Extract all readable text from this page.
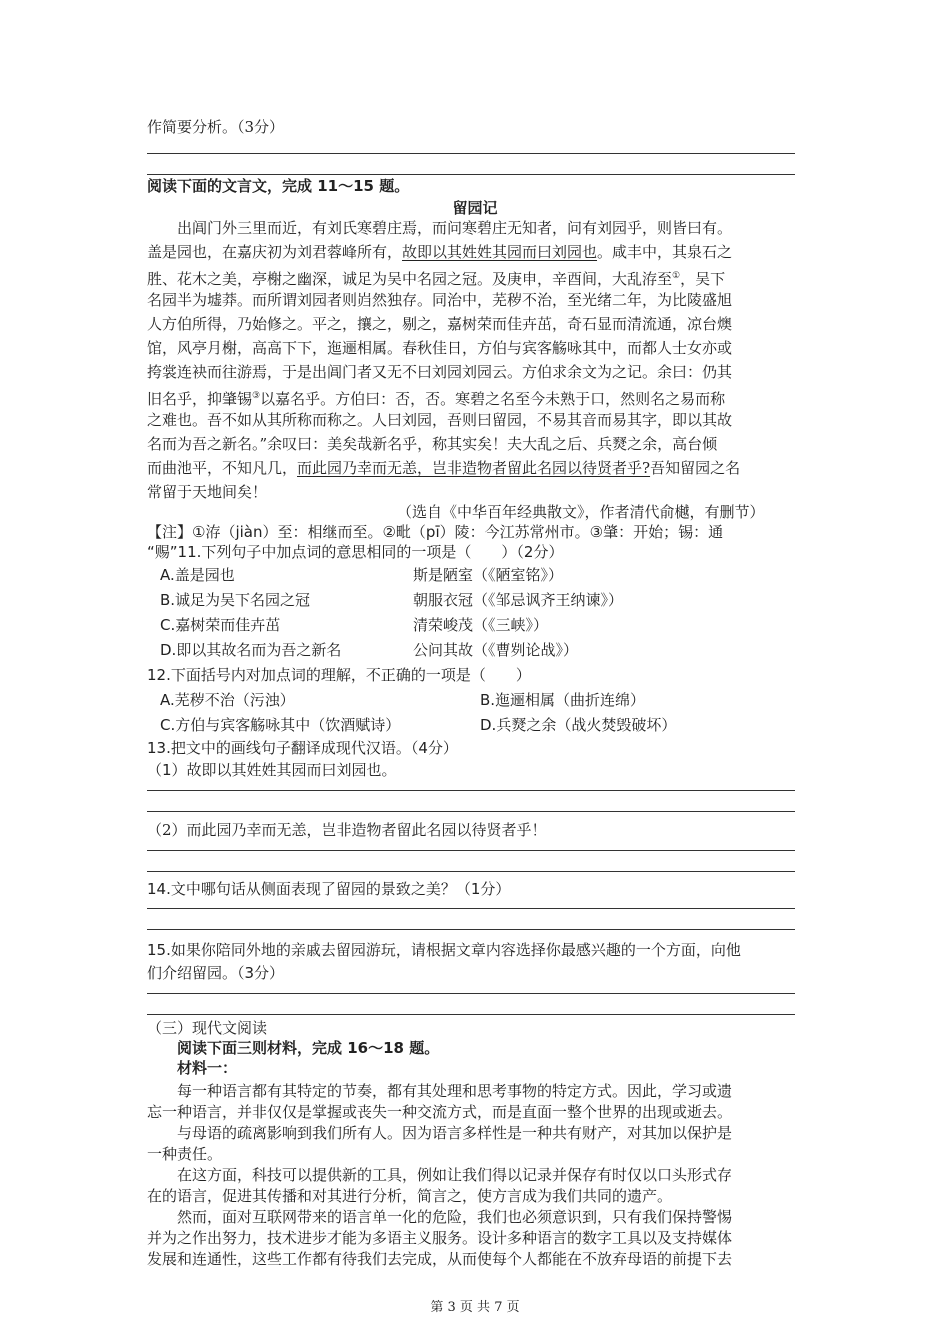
作简要分析。（3分）
阅读下面的文言文，完成 11～15 题。
留园记
出阊门外三里而近，有刘氏寒碧庄焉，而问寒碧庄无知者，问有刘园乎，则皆曰有。
盖是园也，在嘉庆初为刘君蓉峰所有，故即以其姓姓其园而曰刘园也。咸丰中，其泉石之
胜、花木之美，亭榭之幽深，诚足为吴中名园之冠。及庚申，辛酉间，大乱洊至①，吴下
名园半为墟莽。而所谓刘园者则岿然独存。同治中，芜秽不治，至光绪二年，为比陵盛旭
人方伯所得，乃始修之。平之，攘之，剔之，嘉树荣而佳卉茁，奇石显而清流通，凉台燠
馆，风亭月榭，高高下下，迤逦相属。春秋佳日，方伯与宾客觞咏其中，而都人士女亦或
挎裳连袂而往游焉，于是出阊门者又无不曰刘园刘园云。方伯求余文为之记。余曰：仍其
旧名乎，抑肇锡③以嘉名乎。方伯曰：否，否。寒碧之名至今未熟于口，然则名之易而称
之难也。吾不如从其所称而称之。人曰刘园，吾则曰留园，不易其音而易其字，即以其故
名而为吾之新名。”余叹曰：美矣哉新名乎，称其实矣！夫大乱之后、兵燹之余，高台倾
而曲池平，不知凡几，而此园乃幸而无恙，岂非造物者留此名园以待贤者乎?吾知留园之名
常留于天地间矣！
（选自《中华百年经典散文》，作者清代俞樾，有删节）
【注】①洊（jiàn）至：相继而至。②毗（pī）陵：今江苏常州市。③肇：开始；锡：通
“赐”11.下列句子中加点词的意思相同的一项是（　　）（2分）
A.盖是园也	斯是陋室（《陋室铭》）
B.诚足为吴下名园之冠	朝服衣冠（《邹忌讽齐王纳谏》）
C.嘉树荣而佳卉茁	清荣峻茂（《三峡》）
D.即以其故名而为吾之新名	公问其故（《曹刿论战》）
12.下面括号内对加点词的理解，不正确的一项是（　　）
A.芜秽不治（污浊）	B.迤逦相属（曲折连绵）
C.方伯与宾客觞咏其中（饮酒赋诗）	D.兵燹之余（战火焚毁破坏）
13.把文中的画线句子翻译成现代汉语。（4分）
（1）故即以其姓姓其园而曰刘园也。
（2）而此园乃幸而无恙，岂非造物者留此名园以待贤者乎！
14.文中哪句话从侧面表现了留园的景致之美？（1分）
15.如果你陪同外地的亲戚去留园游玩，请根据文章内容选择你最感兴趣的一个方面，向他
们介绍留园。（3分）
（三）现代文阅读
阅读下面三则材料，完成 16～18 题。
材料一：
每一种语言都有其特定的节奏，都有其处理和思考事物的特定方式。因此，学习或遗
忘一种语言，并非仅仅是掌握或丧失一种交流方式，而是直面一整个世界的出现或逝去。
与母语的疏离影响到我们所有人。因为语言多样性是一种共有财产，对其加以保护是
一种责任。
在这方面，科技可以提供新的工具，例如让我们得以记录并保存有时仅以口头形式存
在的语言，促进其传播和对其进行分析，简言之，使方言成为我们共同的遗产。
然而，面对互联网带来的语言单一化的危险，我们也必须意识到，只有我们保持警惕
并为之作出努力，技术进步才能为多语主义服务。设计多种语言的数字工具以及支持媒体
发展和连通性，这些工作都有待我们去完成，从而使每个人都能在不放弃母语的前提下去
第 3 页 共 7 页
